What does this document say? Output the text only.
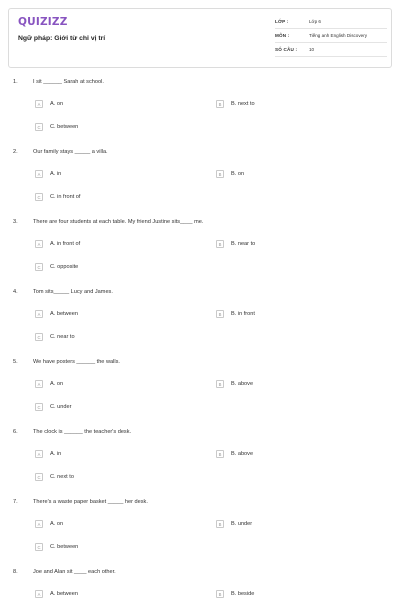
QUIZIZZ
Ngữ pháp: Giới từ chỉ vị trí
LỚP :	Lớp 6
MÔN :	Tiếng anh English Discovery
SỐ CÂU :	10
1.	I sit ______ Sarah at school.
A	A. on	B	B. next to
C	C. between
2.	Our family stays _____ a villa.
A	A. in	B	B. on
C	C. in front of
3.	There are four students at each table. My friend Justine sits____ me.
A	A. in front of	B	B. near to
C	C. opposite
4.	Tom sits_____ Lucy and James.
A	A. between	B	B. in front
C	C. near to
5.	We have posters ______ the walls.
A	A. on	B	B. above
C	C. under
6.	The clock is ______ the teacher's desk.
A	A. in	B	B. above
C	C. next to
7.	There's a waste paper basket _____ her desk.
A	A. on	B	B. under
C	C. between
8.	Joe and Alan sit ____ each other.
A	A. between	B	B. beside
